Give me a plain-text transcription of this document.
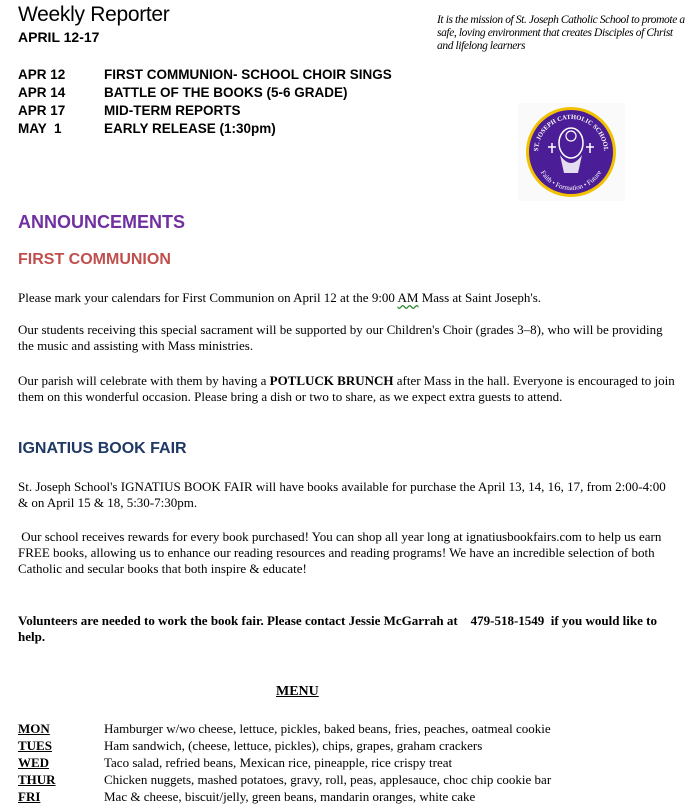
Weekly Reporter
APRIL 12-17
It is the mission of St. Joseph Catholic School to promote a safe, loving environment that creates Disciples of Christ and lifelong learners
APR 12	FIRST COMMUNION- SCHOOL CHOIR SINGS
APR 14	BATTLE OF THE BOOKS (5-6 GRADE)
APR 17	MID-TERM REPORTS
MAY  1	EARLY RELEASE (1:30pm)
ST. JOSEPH CATHOLIC SCHOOL
Faith • Formation • Future
ANNOUNCEMENTS
FIRST COMMUNION
Please mark your calendars for First Communion on April 12 at the 9:00 AM Mass at Saint Joseph's.
Our students receiving this special sacrament will be supported by our Children's Choir (grades 3–8), who will be providing the music and assisting with Mass ministries.
Our parish will celebrate with them by having a POTLUCK BRUNCH after Mass in the hall. Everyone is encouraged to join them on this wonderful occasion. Please bring a dish or two to share, as we expect extra guests to attend.
IGNATIUS BOOK FAIR
St. Joseph School's IGNATIUS BOOK FAIR will have books available for purchase the April 13, 14, 16, 17, from 2:00-4:00 & on April 15 & 18, 5:30-7:30pm.
Our school receives rewards for every book purchased! You can shop all year long at ignatiusbookfairs.com to help us earn FREE books, allowing us to enhance our reading resources and reading programs! We have an incredible selection of both Catholic and secular books that both inspire & educate!
Volunteers are needed to work the book fair. Please contact Jessie McGarrah at    479-518-1549  if you would like to help.
MENU
MON	Hamburger w/wo cheese, lettuce, pickles, baked beans, fries, peaches, oatmeal cookie
TUES	Ham sandwich, (cheese, lettuce, pickles), chips, grapes, graham crackers
WED	Taco salad, refried beans, Mexican rice, pineapple, rice crispy treat
THUR	Chicken nuggets, mashed potatoes, gravy, roll, peas, applesauce, choc chip cookie bar
FRI	Mac & cheese, biscuit/jelly, green beans, mandarin oranges, white cake
